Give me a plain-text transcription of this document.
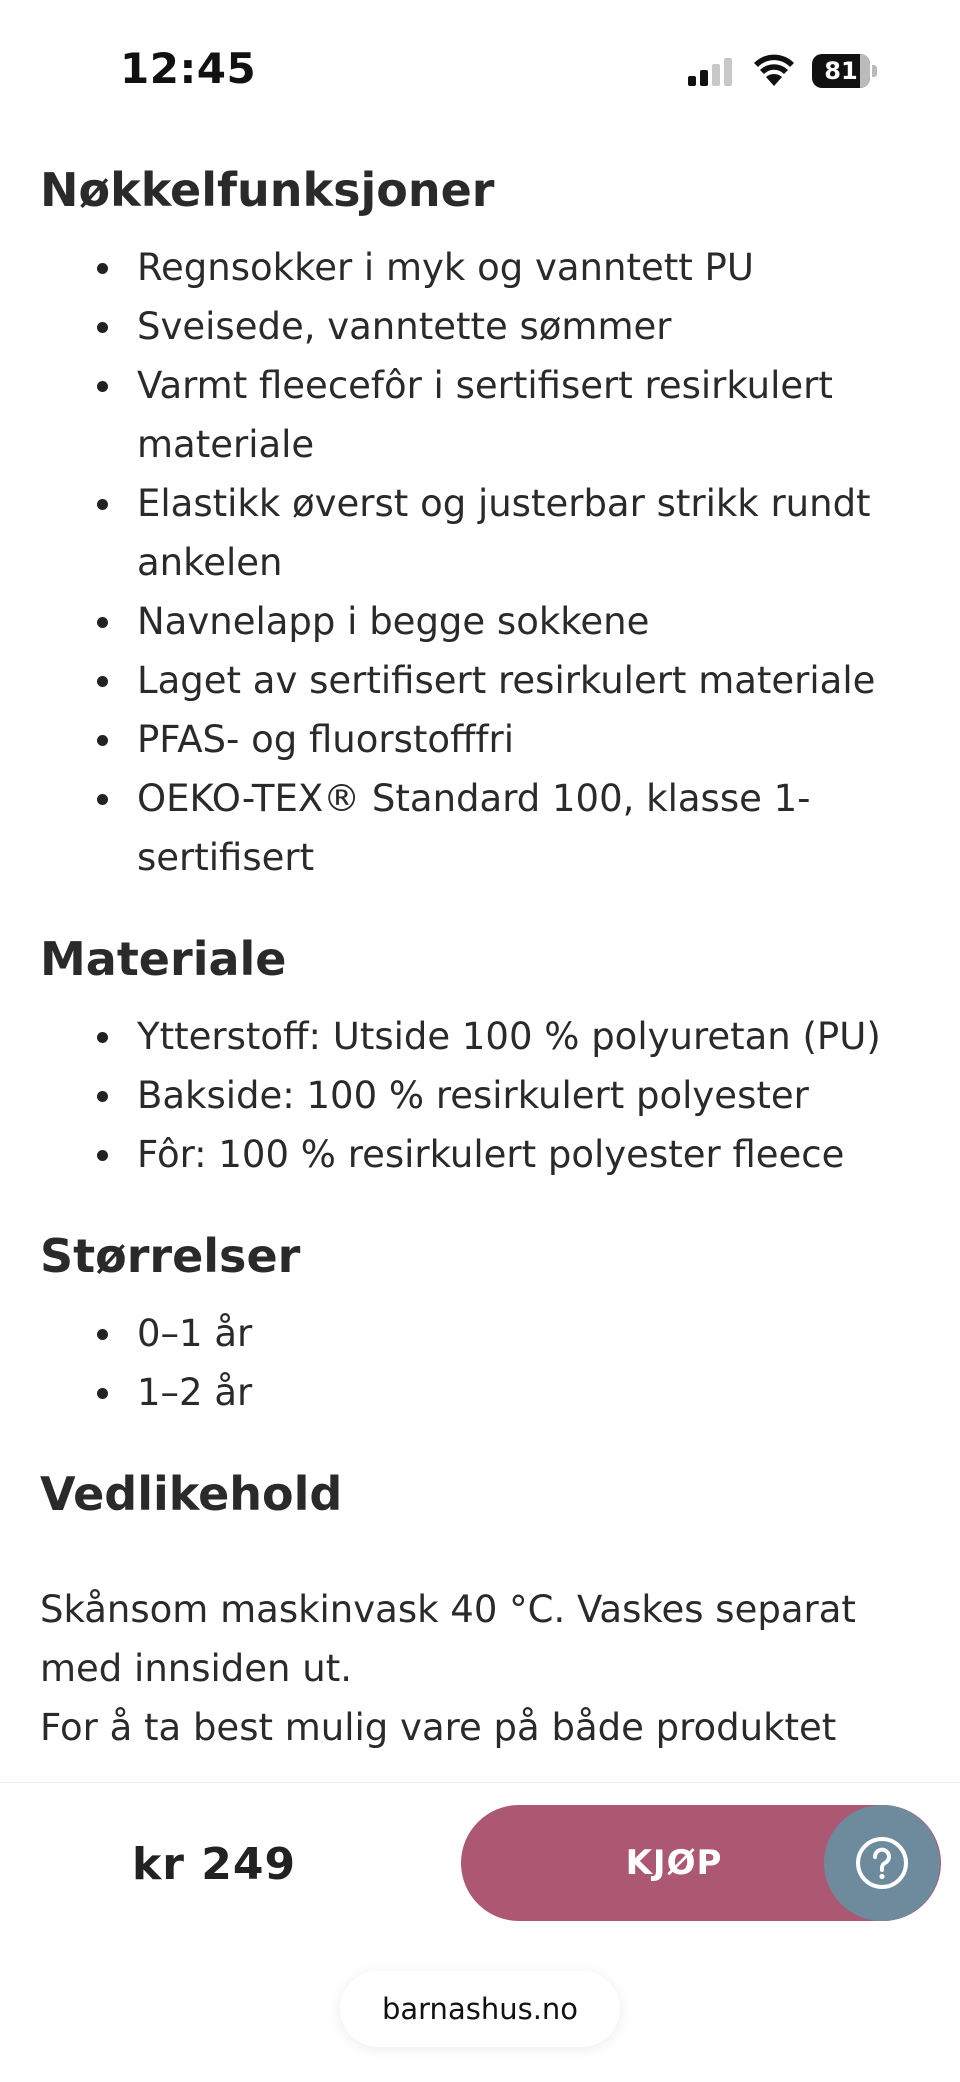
12:45	81
Nøkkelfunksjoner
Regnsokker i myk og vanntett PU
Sveisede, vanntette sømmer
Varmt fleecefôr i sertifisert resirkulert materiale
Elastikk øverst og justerbar strikk rundt ankelen
Navnelapp i begge sokkene
Laget av sertifisert resirkulert materiale
PFAS- og fluorstofffri
OEKO-TEX® Standard 100, klasse 1-sertifisert
Materiale
Ytterstoff: Utside 100 % polyuretan (PU)
Bakside: 100 % resirkulert polyester
Fôr: 100 % resirkulert polyester fleece
Størrelser
0–1 år
1–2 år
Vedlikehold

Skånsom maskinvask 40 °C. Vaskes separat med innsiden ut.
For å ta best mulig vare på både produktet

kr 249	KJØP
barnashus.no
